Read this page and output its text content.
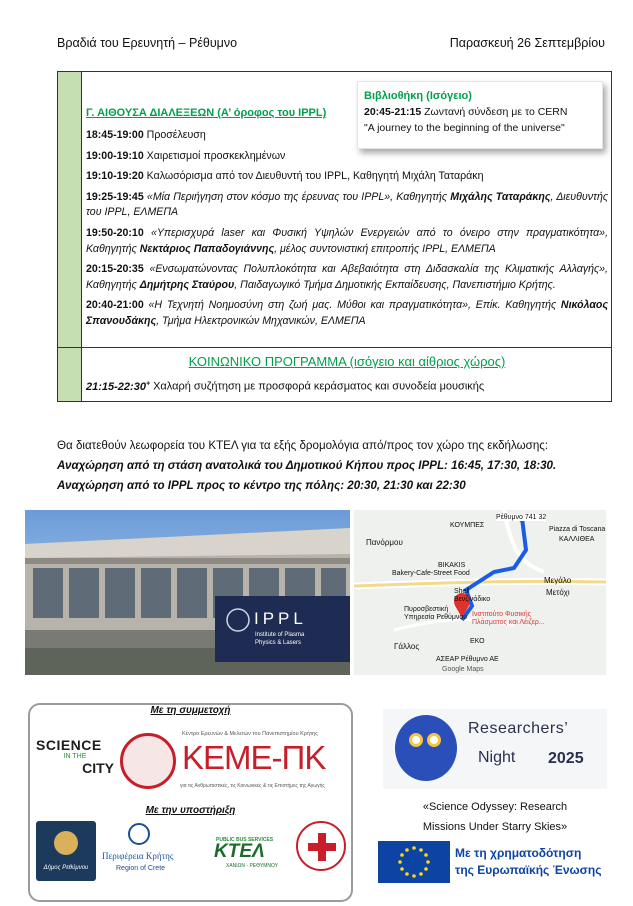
Βραδιά του Ερευνητή – Ρέθυμνο	Παρασκευή 26 Σεπτεμβρίου
Γ. ΑΙΘΟΥΣΑ ΔΙΑΛΕΞΕΩΝ (Α’ όροφος του IPPL)
Βιβλιοθήκη (Ισόγειο)
20:45-21:15 Ζωντανή σύνδεση με το CERN
"A journey to the beginning of the universe"
18:45-19:00 Προσέλευση
19:00-19:10 Χαιρετισμοί προσκεκλημένων
19:10-19:20 Καλωσόρισμα από τον Διευθυντή του IPPL, Καθηγητή Μιχάλη Ταταράκη
19:25-19:45 «Μία Περιήγηση στον κόσμο της έρευνας του IPPL», Καθηγητής Μιχάλης Ταταράκης, Διευθυντής του IPPL, ΕΛΜΕΠΑ
19:50-20:10 «Υπερισχυρά laser και Φυσική Υψηλών Ενεργειών από το όνειρο στην πραγματικότητα», Καθηγητής Νεκτάριος Παπαδογιάννης, μέλος συντονιστική επιτροπής IPPL, ΕΛΜΕΠΑ
20:15-20:35 «Ενσωματώνοντας Πολυπλοκότητα και Αβεβαιότητα στη Διδασκαλία της Κλιματικής Αλλαγής», Καθηγητής Δημήτρης Σταύρου, Παιδαγωγικό Τμήμα Δημοτικής Εκπαίδευσης, Πανεπιστήμιο Κρήτης.
20:40-21:00 «Η Τεχνητή Νοημοσύνη στη ζωή μας. Μύθοι και πραγματικότητα», Επίκ. Καθηγητής Νικόλαος Σπανουδάκης, Τμήμα Ηλεκτρονικών Μηχανικών, ΕΛΜΕΠΑ
ΚΟΙΝΩΝΙΚΟ ΠΡΟΓΡΑΜΜΑ (ισόγειο και αίθριος χώρος)
21:15-22:30+ Χαλαρή συζήτηση με προσφορά κεράσματος και συνοδεία μουσικής
Θα διατεθούν λεωφορεία του ΚΤΕΛ για τα εξής δρομολόγια από/προς τον χώρο της εκδήλωσης:
Αναχώρηση από τη στάση ανατολικά του Δημοτικού Κήπου προς IPPL: 16:45, 17:30, 18:30.
Αναχώρηση από το IPPL προς το κέντρο της πόλης: 20:30, 21:30 και 22:30
IPPL
Institute of Plasma
Physics & Lasers
Ρέθυμνο 741 32
ΚΟΥΜΠΕΣ
Πανόρμου
Piazza di Toscana
ΚΑΛΛΙΘΕΑ
Bakery-Cafe-Street Food
BIKAKIS
Shell
Βενζινάδικο
Μεγάλο
Μετόχι
Πυροσβεστική
Υπηρεσία Ρεθύμνου Ινστιτούτο Φυσικής
Πλάσματος και Λέιζερ...
Γάλλος
ΕΚΟ
ΑΣΕΑΡ Ρέθυμνο ΑΕ
Google Maps
Με τη συμμετοχή
SCIENCE
IN THE
CITY
Κέντρο Ερευνών & Μελετών του Πανεπιστημίου Κρήτης
ΚΕΜΕ-ΠΚ
για τις Ανθρωπιστικές, τις Κοινωνικές & τις Επιστήμες της Αγωγής
Με την υποστήριξη
Δήμος Ρεθύμνου
Περιφέρεια Κρήτης
Region of Crete
PUBLIC BUS SERVICES
ΚΤΕΛ
ΧΑΝΙΩΝ - ΡΕΘΥΜΝΟΥ
Researchers’
Night 2025
«Science Odyssey: Research
Missions Under Starry Skies»
Με τη χρηματοδότηση
της Ευρωπαϊκής Ένωσης
